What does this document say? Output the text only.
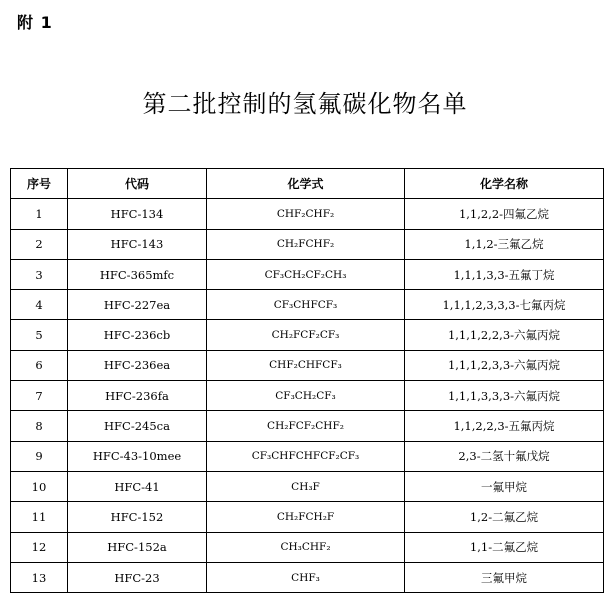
附 1
第二批控制的氢氟碳化物名单
序号	代码	化学式	化学名称
1	HFC-134	CHF₂CHF₂	1,1,2,2-四氟乙烷
2	HFC-143	CH₂FCHF₂	1,1,2-三氟乙烷
3	HFC-365mfc	CF₃CH₂CF₂CH₃	1,1,1,3,3-五氟丁烷
4	HFC-227ea	CF₃CHFCF₃	1,1,1,2,3,3,3-七氟丙烷
5	HFC-236cb	CH₂FCF₂CF₃	1,1,1,2,2,3-六氟丙烷
6	HFC-236ea	CHF₂CHFCF₃	1,1,1,2,3,3-六氟丙烷
7	HFC-236fa	CF₃CH₂CF₃	1,1,1,3,3,3-六氟丙烷
8	HFC-245ca	CH₂FCF₂CHF₂	1,1,2,2,3-五氟丙烷
9	HFC-43-10mee	CF₃CHFCHFCF₂CF₃	2,3-二氢十氟戊烷
10	HFC-41	CH₃F	一氟甲烷
11	HFC-152	CH₂FCH₂F	1,2-二氟乙烷
12	HFC-152a	CH₃CHF₂	1,1-二氟乙烷
13	HFC-23	CHF₃	三氟甲烷
